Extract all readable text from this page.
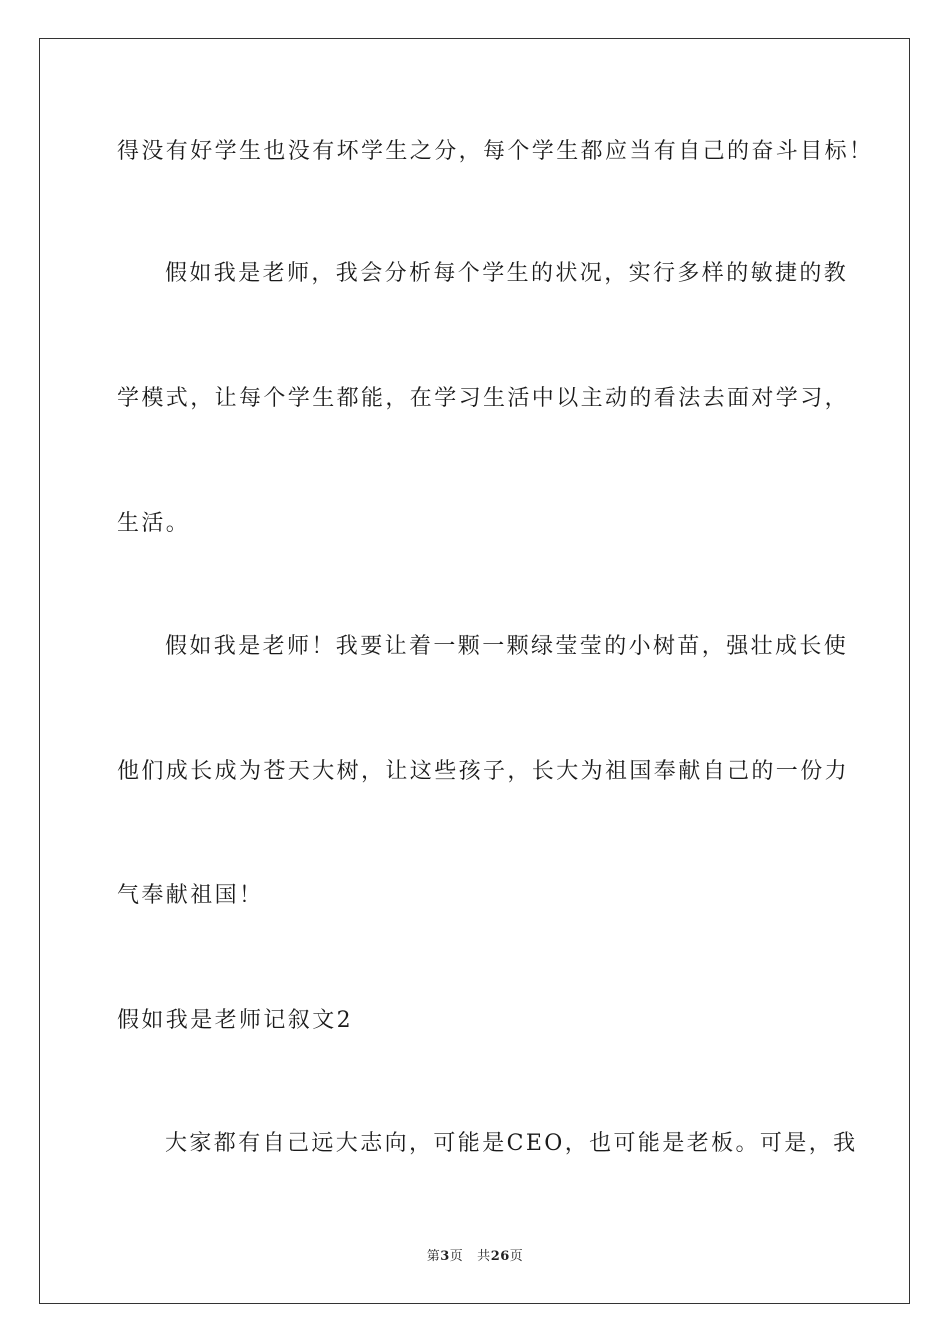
得没有好学生也没有坏学生之分，每个学生都应当有自己的奋斗目标！
假如我是老师，我会分析每个学生的状况，实行多样的敏捷的教
学模式，让每个学生都能，在学习生活中以主动的看法去面对学习，
生活。
假如我是老师！我要让着一颗一颗绿莹莹的小树苗，强壮成长使
他们成长成为苍天大树，让这些孩子，长大为祖国奉献自己的一份力
气奉献祖国！
假如我是老师记叙文2
大家都有自己远大志向，可能是CEO，也可能是老板。可是，我
第3页 共26页
